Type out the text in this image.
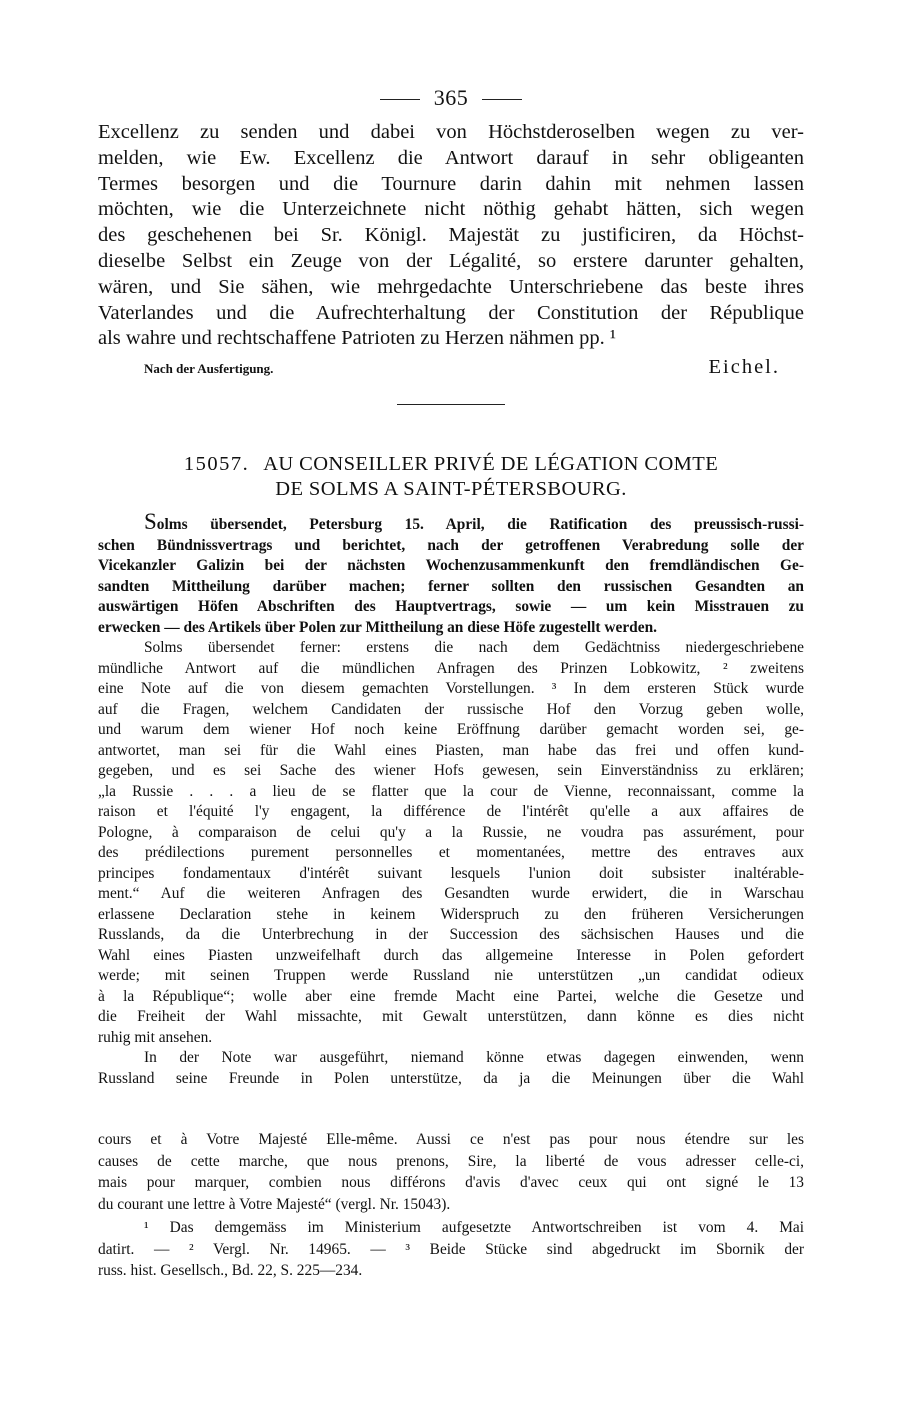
365

Excellenz zu senden und dabei von Höchstderoselben wegen zu ver-

melden, wie Ew. Excellenz die Antwort darauf in sehr obligeanten

Termes besorgen und die Tournure darin dahin mit nehmen lassen

möchten, wie die Unterzeichnete nicht nöthig gehabt hätten, sich wegen

des geschehenen bei Sr. Königl. Majestät zu justificiren, da Höchst-

dieselbe Selbst ein Zeuge von der Légalité, so erstere darunter gehalten,

wären, und Sie sähen, wie mehrgedachte Unterschriebene das beste ihres

Vaterlandes und die Aufrechterhaltung der Constitution der République

als wahre und rechtschaffene Patrioten zu Herzen nähmen pp. ¹

Nach der Ausfertigung.	Eichel.
15057. AU CONSEILLER PRIVÉ DE LÉGATION COMTE
DE SOLMS A SAINT-PÉTERSBOURG.
Solms übersendet, Petersburg 15. April, die Ratification des preussisch-russi-
schen Bündnissvertrags und berichtet, nach der getroffenen Verabredung solle der
Vicekanzler Galizin bei der nächsten Wochenzusammenkunft den fremdländischen Ge-
sandten Mittheilung darüber machen; ferner sollten den russischen Gesandten an
auswärtigen Höfen Abschriften des Hauptvertrags, sowie — um kein Misstrauen zu
erwecken — des Artikels über Polen zur Mittheilung an diese Höfe zugestellt werden.
Solms übersendet ferner: erstens die nach dem Gedächtniss niedergeschriebene
mündliche Antwort auf die mündlichen Anfragen des Prinzen Lobkowitz, ² zweitens
eine Note auf die von diesem gemachten Vorstellungen. ³ In dem ersteren Stück wurde
auf die Fragen, welchem Candidaten der russische Hof den Vorzug geben wolle,
und warum dem wiener Hof noch keine Eröffnung darüber gemacht worden sei, ge-
antwortet, man sei für die Wahl eines Piasten, man habe das frei und offen kund-
gegeben, und es sei Sache des wiener Hofs gewesen, sein Einverständniss zu erklären;
„la Russie . . . a lieu de se flatter que la cour de Vienne, reconnaissant, comme la
raison et l'équité l'y engagent, la différence de l'intérêt qu'elle a aux affaires de
Pologne, à comparaison de celui qu'y a la Russie, ne voudra pas assurément, pour
des prédilections purement personnelles et momentanées, mettre des entraves aux
principes fondamentaux d'intérêt suivant lesquels l'union doit subsister inaltérable-
ment.“ Auf die weiteren Anfragen des Gesandten wurde erwidert, die in Warschau
erlassene Declaration stehe in keinem Widerspruch zu den früheren Versicherungen
Russlands, da die Unterbrechung in der Succession des sächsischen Hauses und die
Wahl eines Piasten unzweifelhaft durch das allgemeine Interesse in Polen gefordert
werde; mit seinen Truppen werde Russland nie unterstützen „un candidat odieux
à la République“; wolle aber eine fremde Macht eine Partei, welche die Gesetze und
die Freiheit der Wahl missachte, mit Gewalt unterstützen, dann könne es dies nicht
ruhig mit ansehen.
In der Note war ausgeführt, niemand könne etwas dagegen einwenden, wenn
Russland seine Freunde in Polen unterstütze, da ja die Meinungen über die Wahl
cours et à Votre Majesté Elle-même. Aussi ce n'est pas pour nous étendre sur les
causes de cette marche, que nous prenons, Sire, la liberté de vous adresser celle-ci,
mais pour marquer, combien nous différons d'avis d'avec ceux qui ont signé le 13
du courant une lettre à Votre Majesté“ (vergl. Nr. 15043).
¹ Das demgemäss im Ministerium aufgesetzte Antwortschreiben ist vom 4. Mai
datirt. — ² Vergl. Nr. 14965. — ³ Beide Stücke sind abgedruckt im Sbornik der
russ. hist. Gesellsch., Bd. 22, S. 225—234.
